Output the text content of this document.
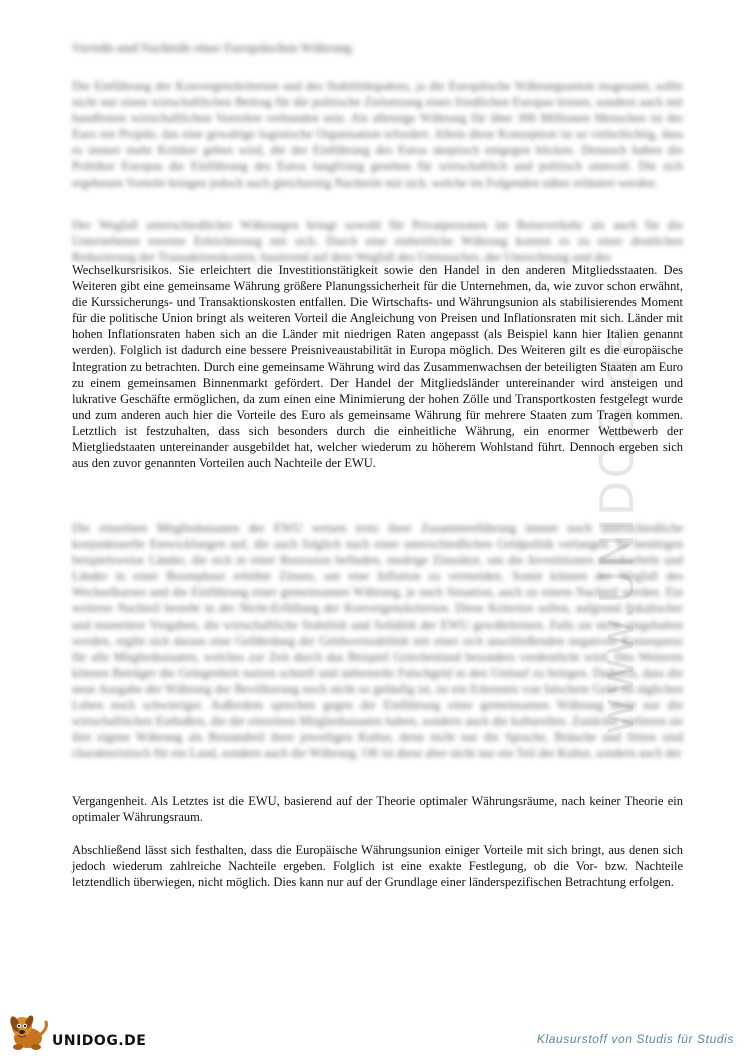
www.UNIDOG.de
Vorteile und Nachteile einer Europäischen Währung

Die Einführung der Konvergenzkriterien und des Stabilitätspaktes, ja die Europäische Währungsunion insgesamt, sollte nicht nur einen wirtschaftlichen Beitrag für die politische Zielsetzung eines friedlichen Europas leisten, sondern auch mit handfesten wirtschaftlichen Vorteilen verbunden sein. Als alleinige Währung für über 300 Millionen Menschen ist der Euro ein Projekt, das eine gewaltige logistische Organisation erfordert. Allein diese Konzeption ist so vielschichtig, dass es immer mehr Kritiker geben wird, die der Einführung des Euros skeptisch entgegen blicken. Dennoch haben die Politiker Europas die Einführung des Euros langfristig gesehen für wirtschaftlich und politisch sinnvoll. Die sich ergebenen Vorteile bringen jedoch auch gleichzeitig Nachteile mit sich, welche im Folgenden näher erläutert werden.

Der Wegfall unterschiedlicher Währungen bringt sowohl für Privatpersonen im Reiseverkehr als auch für die Unternehmen enorme Erleichterung mit sich. Durch eine einheitliche Währung kommt es zu einer deutlichen Reduzierung der Transaktionskosten, basierend auf dem Wegfall des Umtausches, der Umrechnung und des

Wechselkursrisikos. Sie erleichtert die Investitionstätigkeit sowie den Handel in den anderen Mitgliedsstaaten. Des Weiteren gibt eine gemeinsame Währung größere Planungssicherheit für die Unternehmen, da, wie zuvor schon erwähnt, die Kurssicherungs- und Transaktionskosten entfallen. Die Wirtschafts- und Währungsunion als stabilisierendes Moment für die politische Union bringt als weiteren Vorteil die Angleichung von Preisen und Inflationsraten mit sich. Länder mit hohen Inflationsraten haben sich an die Länder mit niedrigen Raten angepasst (als Beispiel kann hier Italien genannt werden). Folglich ist dadurch eine bessere Preisniveaustabilität in Europa möglich. Des Weiteren gilt es die europäische Integration zu betrachten. Durch eine gemeinsame Währung wird das Zusammenwachsen der beteiligten Staaten am Euro zu einem gemeinsamen Binnenmarkt gefördert. Der Handel der Mitgliedsländer untereinander wird ansteigen und lukrative Geschäfte ermöglichen, da zum einen eine Minimierung der hohen Zölle und Transportkosten festgelegt wurde und zum anderen auch hier die Vorteile des Euro als gemeinsame Währung für mehrere Staaten zum Tragen kommen. Letztlich ist festzuhalten, dass sich besonders durch die einheitliche Währung, ein enormer Wettbewerb der Mietgliedstaaten untereinander ausgebildet hat, welcher wiederum zu höherem Wohlstand führt. Dennoch ergeben sich aus den zuvor genannten Vorteilen auch Nachteile der EWU.

Die einzelnen Mitgliedsstaaten der EWU weisen trotz ihrer Zusammenführung immer noch unterschiedliche konjunkturelle Entwicklungen auf, die auch folglich nach einer unterschiedlichen Geldpolitik verlangen. So benötigen beispielsweise Länder, die sich in einer Rezession befinden, niedrige Zinssätze, um die Investitionen anzukurbeln und Länder in einer Boomphase erhöhte Zinsen, um eine Inflation zu vermeiden. Somit können der Wegfall des Wechselkurses und die Einführung einer gemeinsamen Währung, je nach Situation, auch zu einem Nachteil werden. Ein weiterer Nachteil besteht in der Nicht-Erfüllung der Konvergenzkriterien. Diese Kriterien sollen, aufgrund fiskalischer und monetärer Vorgaben, die wirtschaftliche Stabilität und Solidität der EWU gewährleisten. Falls sie nicht eingehalten werden, ergibt sich daraus eine Gefährdung der Geldwertstabilität mit einer sich anschließenden negativen Konsequenz für alle Mitgliedsstaaten, welches zur Zeit durch das Beispiel Griechenland besonders verdeutlicht wird. Des Weiteren können Betrüger die Gelegenheit nutzen schnell und unbemerkt Falschgeld in den Umlauf zu bringen. Dadurch, dass die neue Ausgabe der Währung der Bevölkerung noch nicht so geläufig ist, ist ein Erkennen von falschem Geld im täglichen Leben noch schwieriger. Außerdem sprechen gegen die Einführung einer gemeinsamen Währung nicht nur die wirtschaftlichen Einbußen, die die einzelnen Mitgliedsstaaten haben, sondern auch die kulturellen. Zunächst verlieren sie ihre eigene Währung als Bestandteil ihrer jeweiligen Kultur, denn nicht nur die Sprache, Bräuche und Sitten sind charakteristisch für ein Land, sondern auch die Währung. Oft ist diese aber nicht nur ein Teil der Kultur, sondern auch der

Vergangenheit. Als Letztes ist die EWU, basierend auf der Theorie optimaler Währungsräume, nach keiner Theorie ein optimaler Währungsraum.

Abschließend lässt sich festhalten, dass die Europäische Währungsunion einiger Vorteile mit sich bringt, aus denen sich jedoch wiederum zahlreiche Nachteile ergeben. Folglich ist eine exakte Festlegung, ob die Vor- bzw. Nachteile letztendlich überwiegen, nicht möglich. Dies kann nur auf der Grundlage einer länderspezifischen Betrachtung erfolgen.

UNIDOG.DE	Klausurstoff von Studis für Studis
